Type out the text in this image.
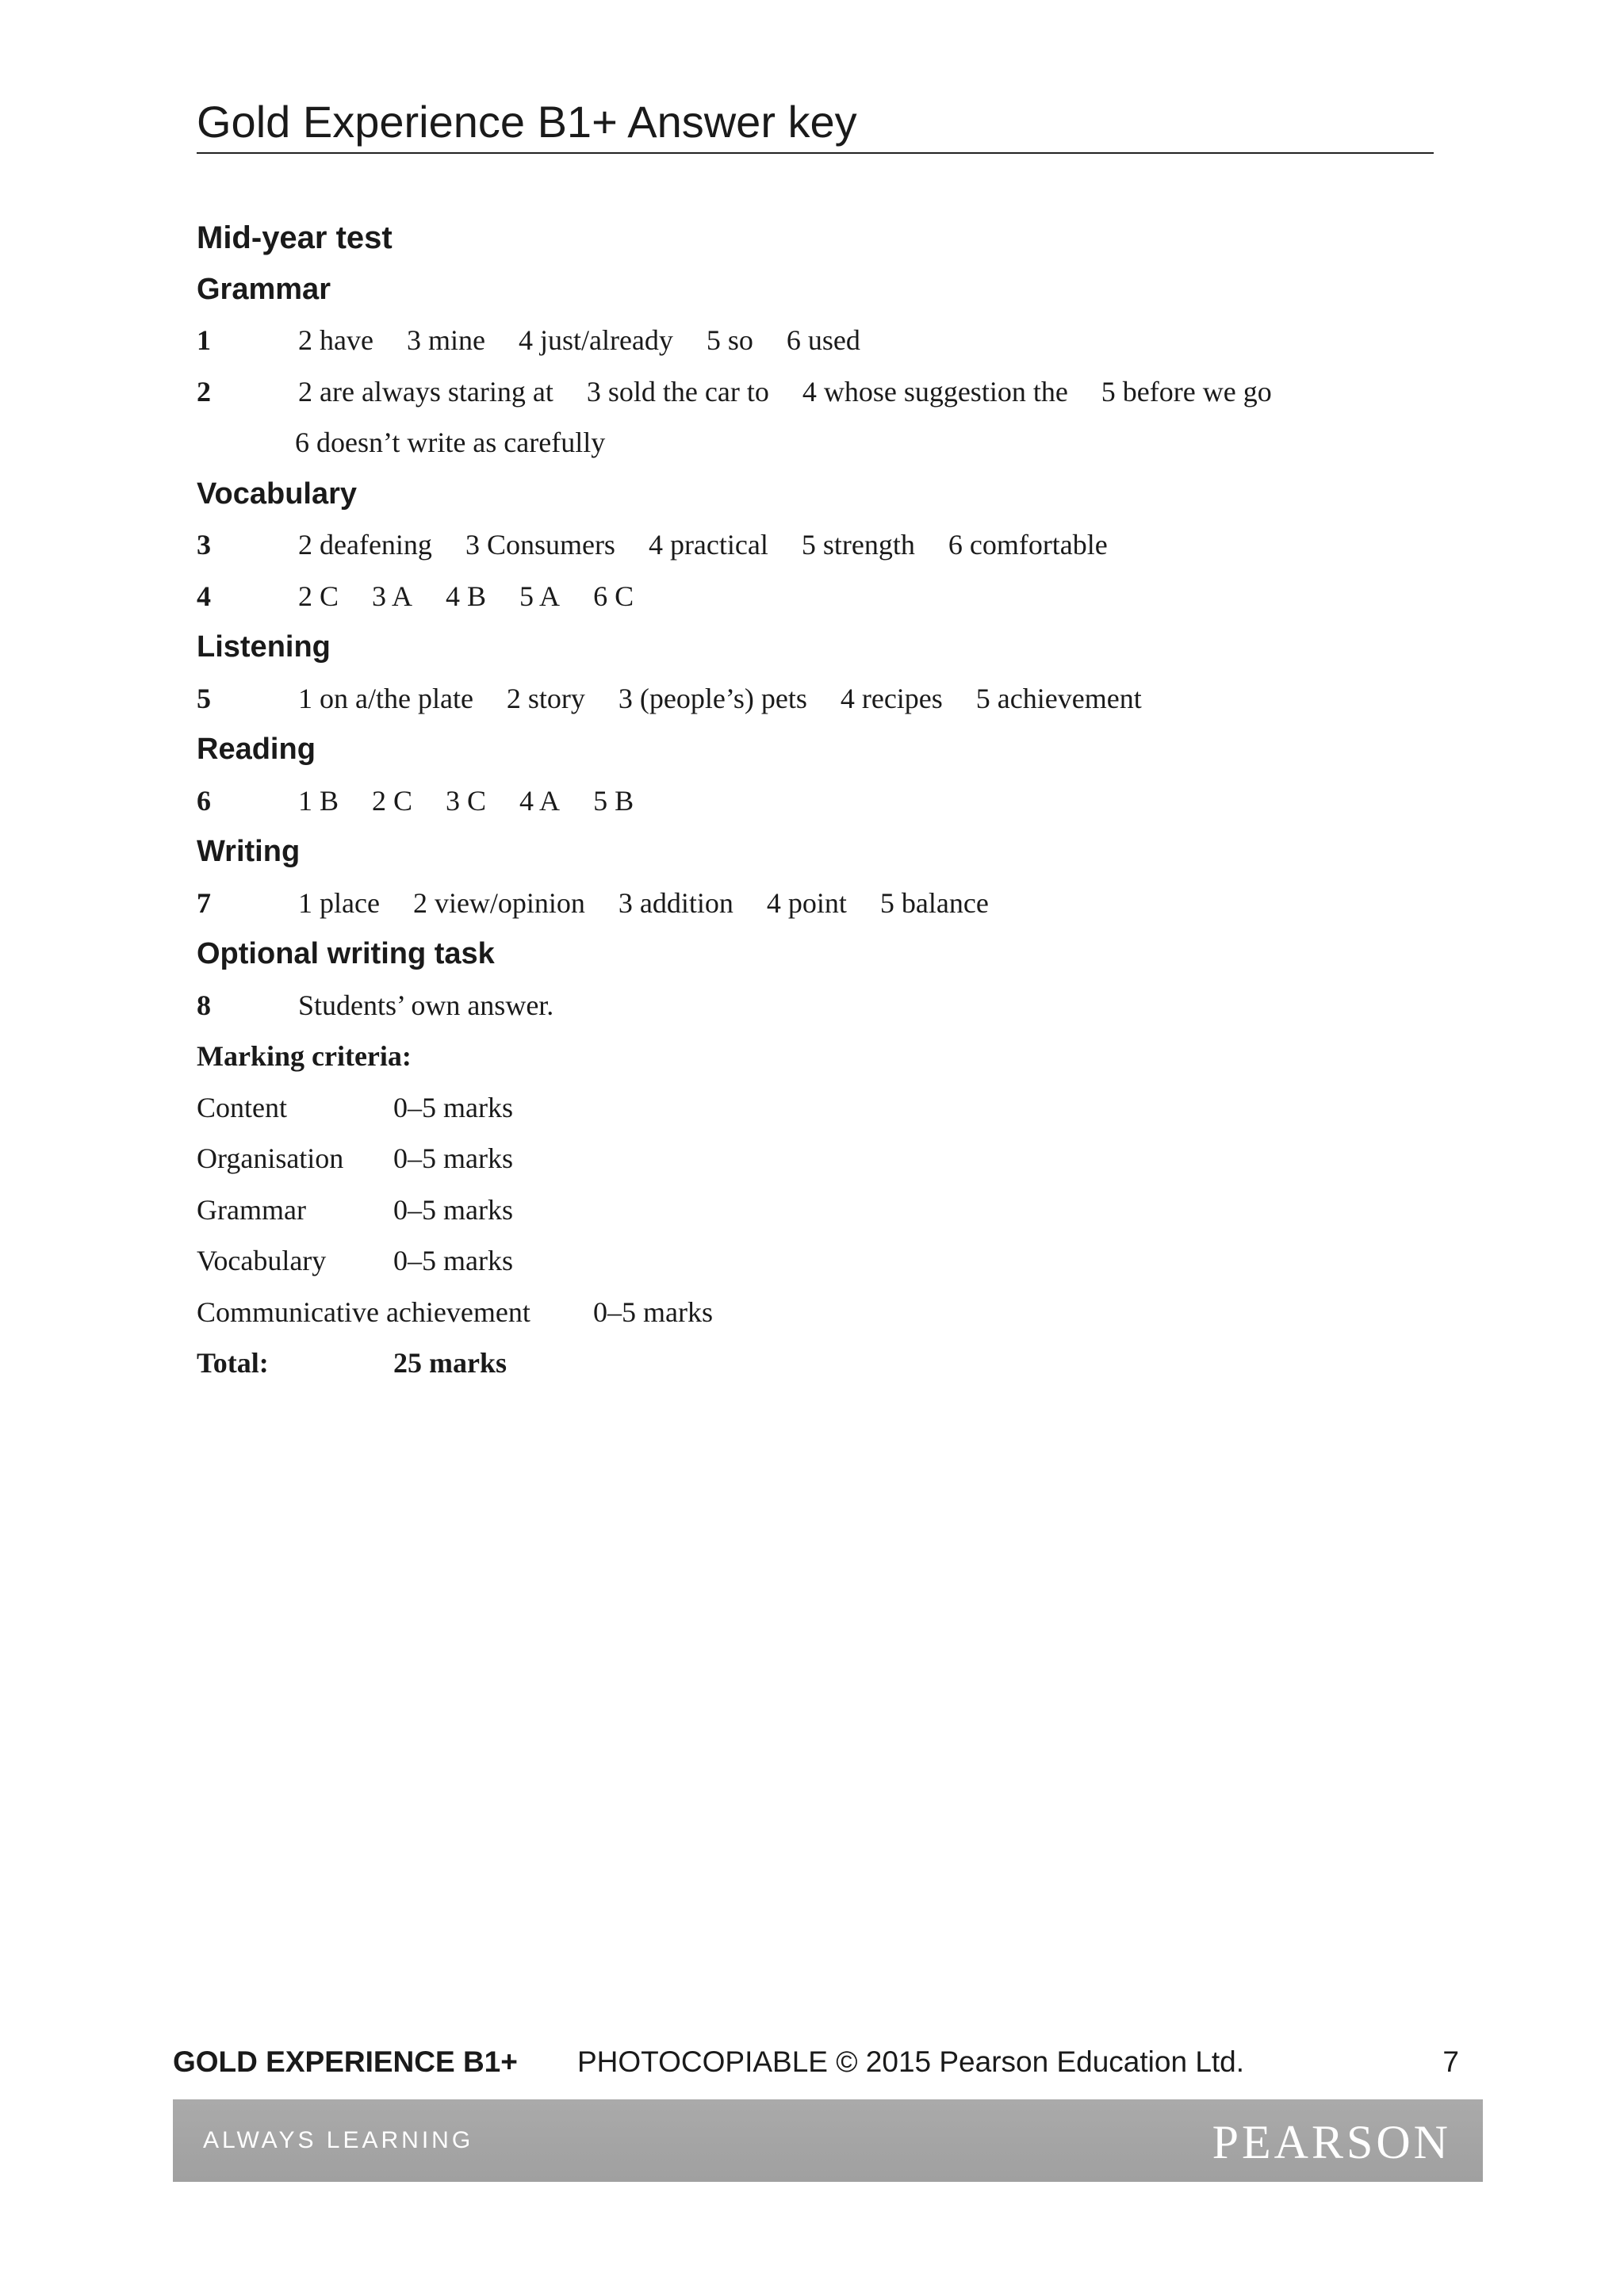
Gold Experience B1+ Answer key
Mid-year test
Grammar
1	2 have 3 mine 4 just/already 5 so 6 used
2	2 are always staring at 3 sold the car to 4 whose suggestion the 5 before we go
6 doesn’t write as carefully
Vocabulary
3	2 deafening 3 Consumers 4 practical 5 strength 6 comfortable
4	2 C 3 A 4 B 5 A 6 C
Listening
5	1 on a/the plate 2 story 3 (people’s) pets 4 recipes 5 achievement
Reading
6	1 B 2 C 3 C 4 A 5 B
Writing
7	1 place 2 view/opinion 3 addition 4 point 5 balance
Optional writing task
8	Students’ own answer.
Marking criteria:
Content	0–5 marks
Organisation 0–5 marks
Grammar	0–5 marks
Vocabulary 0–5 marks
Communicative achievement 0–5 marks
Total:	25 marks
GOLD EXPERIENCE B1+ PHOTOCOPIABLE © 2015 Pearson Education Ltd.	7
ALWAYS LEARNING	PEARSON
